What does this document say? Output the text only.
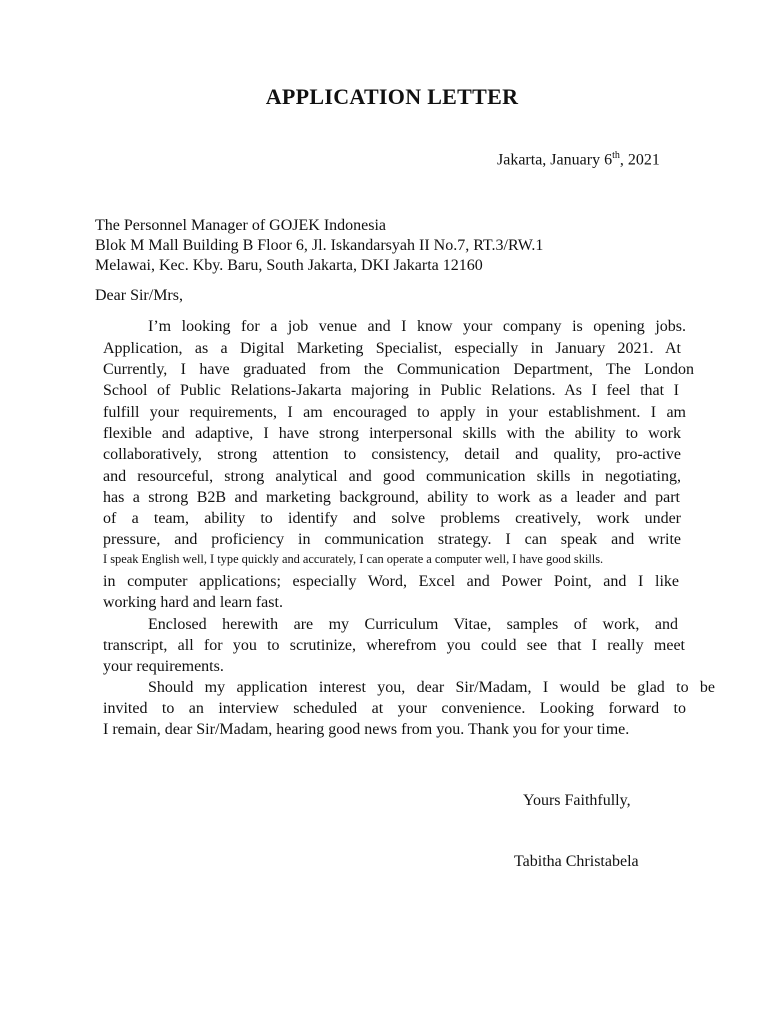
APPLICATION LETTER
Jakarta, January 6th, 2021
The Personnel Manager of GOJEK Indonesia
Blok M Mall Building B Floor 6, Jl. Iskandarsyah II No.7, RT.3/RW.1
Melawai, Kec. Kby. Baru, South Jakarta, DKI Jakarta 12160
Dear Sir/Mrs,
I’m looking for a job venue and I know your company is opening jobs.
Application, as a Digital Marketing Specialist, especially in January 2021. At
Currently, I have graduated from the Communication Department, The London
School of Public Relations-Jakarta majoring in Public Relations. As I feel that I
fulfill your requirements, I am encouraged to apply in your establishment. I am
flexible and adaptive, I have strong interpersonal skills with the ability to work
collaboratively, strong attention to consistency, detail and quality, pro-active
and resourceful, strong analytical and good communication skills in negotiating,
has a strong B2B and marketing background, ability to work as a leader and part
of a team, ability to identify and solve problems creatively, work under
pressure, and proficiency in communication strategy. I can speak and write
I speak English well, I type quickly and accurately, I can operate a computer well, I have good skills.
in computer applications; especially Word, Excel and Power Point, and I like
working hard and learn fast.
Enclosed herewith are my Curriculum Vitae, samples of work, and
transcript, all for you to scrutinize, wherefrom you could see that I really meet
your requirements.
Should my application interest you, dear Sir/Madam, I would be glad to be
invited to an interview scheduled at your convenience. Looking forward to
I remain, dear Sir/Madam, hearing good news from you. Thank you for your time.
Yours Faithfully,
Tabitha Christabela
